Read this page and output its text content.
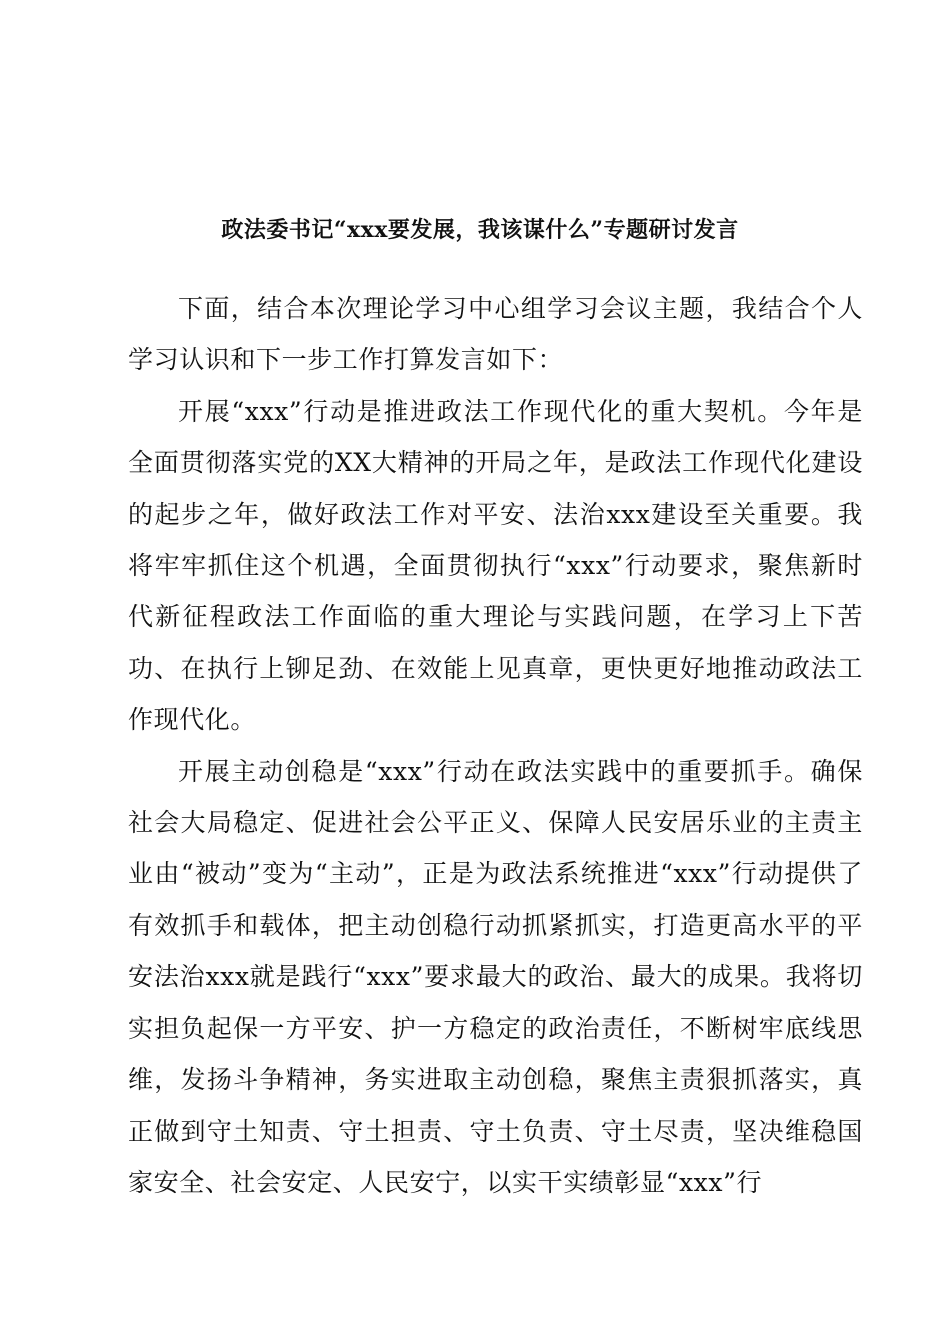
政法委书记“xxx要发展，我该谋什么”专题研讨发言

下面，结合本次理论学习中心组学习会议主题，我结合个人学习认识和下一步工作打算发言如下：

开展“xxx”行动是推进政法工作现代化的重大契机。今年是全面贯彻落实党的XX大精神的开局之年，是政法工作现代化建设的起步之年，做好政法工作对平安、法治xxx建设至关重要。我将牢牢抓住这个机遇，全面贯彻执行“xxx”行动要求，聚焦新时代新征程政法工作面临的重大理论与实践问题，在学习上下苦功、在执行上铆足劲、在效能上见真章，更快更好地推动政法工作现代化。

开展主动创稳是“xxx”行动在政法实践中的重要抓手。确保社会大局稳定、促进社会公平正义、保障人民安居乐业的主责主业由“被动”变为“主动”，正是为政法系统推进“xxx”行动提供了有效抓手和载体，把主动创稳行动抓紧抓实，打造更高水平的平安法治xxx就是践行“xxx”要求最大的政治、最大的成果。我将切实担负起保一方平安、护一方稳定的政治责任，不断树牢底线思维，发扬斗争精神，务实进取主动创稳，聚焦主责狠抓落实，真正做到守土知责、守土担责、守土负责、守土尽责，坚决维稳国家安全、社会安定、人民安宁，以实干实绩彰显“xxx”行
